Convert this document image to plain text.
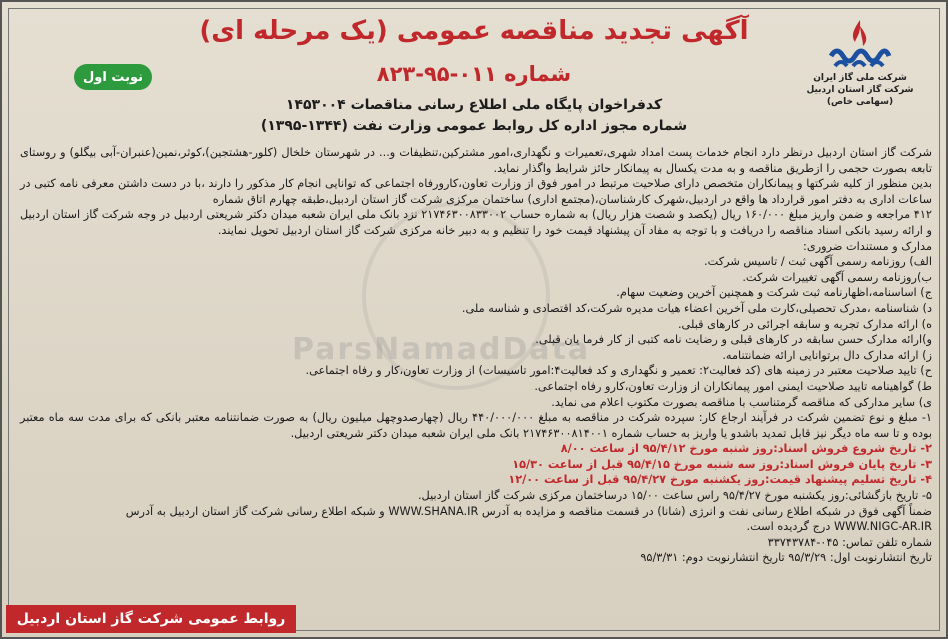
ParsNamadData
شرکت ملی گاز ایران
شرکت گاز استان اردبیل
(سهامی خاص)
نوبت اول
آگهی تجدید مناقصه عمومی (یک مرحله ای)
شماره ۰۱۱-۹۵-۸۲۳
کدفراخوان پایگاه ملی اطلاع رسانی مناقصات ۱۴۵۳۰۰۴
شماره مجوز اداره کل روابط عمومی وزارت نفت (۱۳۴۴-۱۳۹۵)

شرکت گاز استان اردبیل درنظر دارد انجام خدمات پست امداد شهری،تعمیرات و نگهداری،امور مشترکین،تنظیفات و... در شهرستان خلخال (کلور-هشتجین)،کوثر،نمین(عنبران-آبی بیگلو) و روستای تابعه بصورت حجمی را ازطریق مناقصه و به مدت یکسال به پیمانکار حائز شرایط واگذار نماید.

بدین منظور از کلیه شرکتها و پیمانکاران متخصص دارای صلاحیت مرتبط در امور فوق از وزارت تعاون،کارورفاه اجتماعی که توانایی انجام کار مذکور را دارند ،با در دست داشتن معرفی نامه کتبی در ساعات اداری به دفتر امور قرارداد ها واقع در اردبیل،شهرک کارشناسان،(مجتمع اداری) ساختمان مرکزی شرکت گاز استان اردبیل،طبقه چهارم اتاق شماره

۴۱۲ مراجعه و ضمن واریز مبلغ ۱۶۰/۰۰۰ ریال (یکصد و شصت هزار ریال) به شماره حساب ۲۱۷۴۶۳۰۰۸۳۳۰۰۲ نزد بانک ملی ایران شعبه میدان دکتر شریعتی اردبیل در وجه شرکت گاز استان اردبیل و ارائه رسید بانکی اسناد مناقصه را دریافت و با توجه به مفاد آن پیشنهاد قیمت خود را تنظیم و به دبیر خانه مرکزی شرکت گاز استان اردبیل تحویل نمایند.

مدارک و مستندات ضروری:

الف) روزنامه رسمی آگهی ثبت / تاسیس شرکت.

ب)روزنامه رسمی آگهی تغییرات شرکت.

ج) اساسنامه،اظهارنامه ثبت شرکت و همچنین آخرین وضعیت سهام.

د) شناسنامه ،مدرک تحصیلی،کارت ملی آخرین اعضاء هیات مدیره شرکت،کد اقتصادی و شناسه ملی.

ه) ارائه مدارک تجربه و سابقه اجرائی در کارهای قبلی.

و)ارائه مدارک حسن سابقه در کارهای قبلی و رضایت نامه کتبی از کار فرما یان قبلی.

ز) ارائه مدارک دال برتوانایی ارائه ضمانتنامه.

ح) تایید صلاحیت معتبر در زمینه های (کد فعالیت۲: تعمیر و نگهداری و کد فعالیت۴:امور تاسیسات) از وزارت تعاون،کار و رفاه اجتماعی.

ط) گواهینامه تایید صلاحیت ایمنی امور پیمانکاران از وزارت تعاون،کارو رفاه اجتماعی.

ی) سایر مدارکی که مناقصه گرمتناسب با مناقصه بصورت مکتوب اعلام می نماید.

۱- مبلغ و نوع تضمین شرکت در فرآیند ارجاع کار: سپرده شرکت در مناقصه به مبلغ ۴۴۰/۰۰۰/۰۰۰ ریال (چهارصدوچهل میلیون ریال) به صورت ضمانتنامه معتبر بانکی که برای مدت سه ماه معتبر بوده و تا سه ماه دیگر نیز قابل تمدید باشدو یا واریز به حساب شماره ۲۱۷۴۶۳۰۰۸۱۴۰۰۱ بانک ملی ایران شعبه میدان دکتر شریعتی اردبیل.

۲- تاریخ شروع فروش اسناد:روز شنبه مورخ ۹۵/۴/۱۲ از ساعت ۸/۰۰

۳- تاریخ پایان فروش اسناد:روز سه شنبه مورخ ۹۵/۴/۱۵ قبل از ساعت ۱۵/۳۰

۴- تاریخ تسلیم پیشنهاد قیمت:روز یکشنبه مورخ ۹۵/۴/۲۷ قبل از ساعت ۱۲/۰۰

۵- تاریخ بازگشائی:روز یکشنبه مورخ ۹۵/۴/۲۷ راس ساعت ۱۵/۰۰ درساختمان مرکزی شرکت گاز استان اردبیل.

ضمناً آگهی فوق در شبکه اطلاع رسانی نفت و انرژی (شانا) در قسمت مناقصه و مزایده به آدرس WWW.SHANA.IR و شبکه اطلاع رسانی شرکت گاز استان اردبیل به آدرس

WWW.NIGC-AR.IR درج گردیده است.

شماره تلفن تماس: ۰۴۵-۳۳۷۴۳۷۸۴

تاریخ انتشارنوبت اول: ۹۵/۳/۲۹ تاریخ انتشارنوبت دوم: ۹۵/۳/۳۱

روابط عمومی شرکت گاز استان اردبیل
